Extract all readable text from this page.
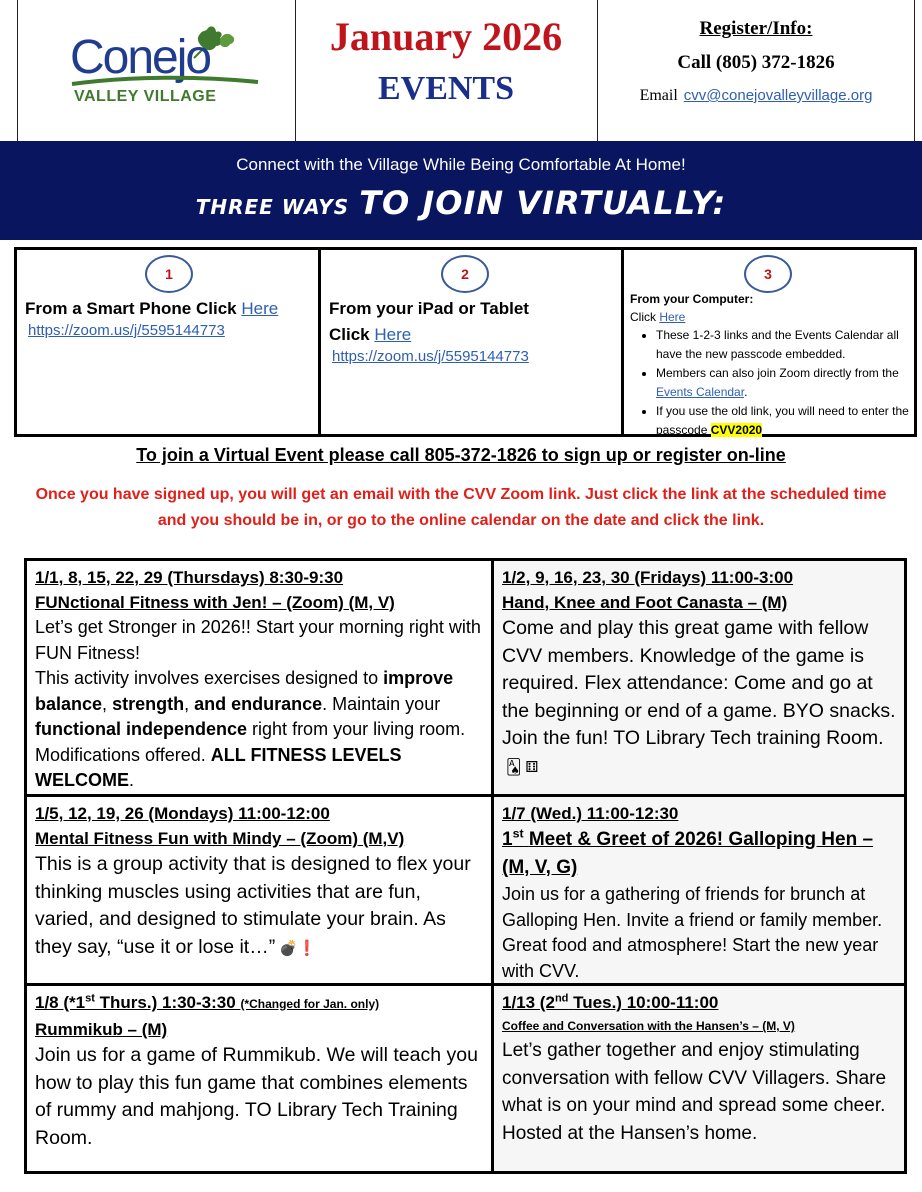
Conejo
VALLEY VILLAGE
January 2026
EVENTS
Register/Info:
Call (805) 372-1826
Email cvv@conejovalleyvillage.org
Connect with the Village While Being Comfortable At Home!
THREE WAYS TO JOIN VIRTUALLY:
1
From a Smart Phone Click Here
https://zoom.us/j/5595144773
2
From your iPad or Tablet
Click Here
https://zoom.us/j/5595144773
3
From your Computer:
Click Here
• These 1-2-3 links and the Events Calendar all have the new passcode embedded.
• Members can also join Zoom directly from the Events Calendar.
• If you use the old link, you will need to enter the passcode CVV2020
To join a Virtual Event please call 805-372-1826 to sign up or register on-line
Once you have signed up, you will get an email with the CVV Zoom link. Just click the link at the scheduled time and you should be in, or go to the online calendar on the date and click the link.
1/1, 8, 15, 22, 29 (Thursdays) 8:30-9:30
FUNctional Fitness with Jen! – (Zoom) (M, V)
Let’s get Stronger in 2026!! Start your morning right with FUN Fitness!
This activity involves exercises designed to improve balance, strength, and endurance. Maintain your functional independence right from your living room. Modifications offered. ALL FITNESS LEVELS WELCOME.
1/2, 9, 16, 23, 30 (Fridays) 11:00-3:00
Hand, Knee and Foot Canasta – (M)
Come and play this great game with fellow CVV members. Knowledge of the game is required. Flex attendance: Come and go at the beginning or end of a game. BYO snacks. Join the fun! TO Library Tech training Room.🂡 ⚅
1/5, 12, 19, 26 (Mondays) 11:00-12:00
Mental Fitness Fun with Mindy – (Zoom) (M,V)
This is a group activity that is designed to flex your thinking muscles using activities that are fun, varied, and designed to stimulate your brain. As they say, “use it or lose it…” 💣❗
1/7 (Wed.) 11:00-12:30
1st Meet & Greet of 2026! Galloping Hen – (M, V, G)
Join us for a gathering of friends for brunch at Galloping Hen. Invite a friend or family member. Great food and atmosphere! Start the new year with CVV.
1/8 (*1st Thurs.) 1:30-3:30 (*Changed for Jan. only)
Rummikub – (M)
Join us for a game of Rummikub. We will teach you how to play this fun game that combines elements of rummy and mahjong. TO Library Tech Training Room.
1/13 (2nd Tues.) 10:00-11:00
Coffee and Conversation with the Hansen’s – (M, V)
Let’s gather together and enjoy stimulating conversation with fellow CVV Villagers. Share what is on your mind and spread some cheer.
Hosted at the Hansen’s home.
